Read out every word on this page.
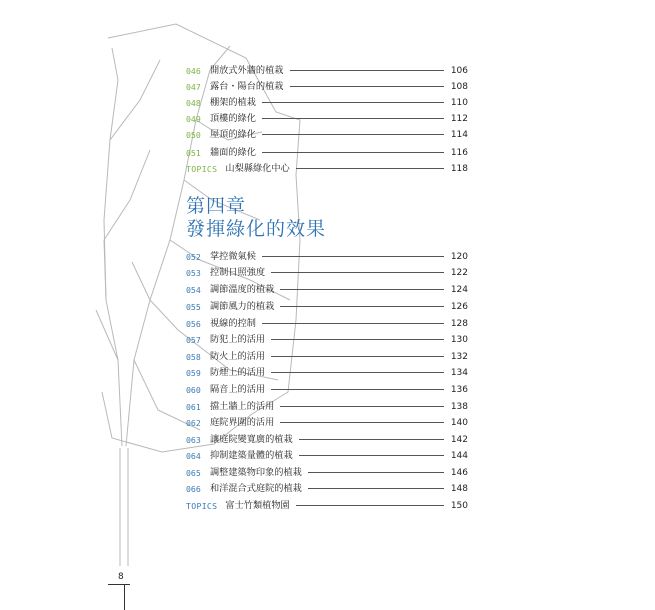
046	開放式外牆的植栽	106
047	露台・陽台的植栽	108
048	棚架的植栽	110
049	頂樓的綠化	112
050	屋頂的綠化	114
051	牆面的綠化	116
TOPICS 山梨縣綠化中心	118
第四章
發揮綠化的效果
052	掌控微氣候	120
053	控制日照強度	122
054	調節溫度的植栽	124
055	調節風力的植栽	126
056	視線的控制	128
057	防犯上的活用	130
058	防火上的活用	132
059	防煙上的活用	134
060	隔音上的活用	136
061	擋土牆上的活用	138
062	庭院界圍的活用	140
063	讓庭院變寬廣的植栽	142
064	抑制建築量體的植栽	144
065	調整建築物印象的植栽	146
066	和洋混合式庭院的植栽	148
TOPICS 富士竹類植物園	150
8
